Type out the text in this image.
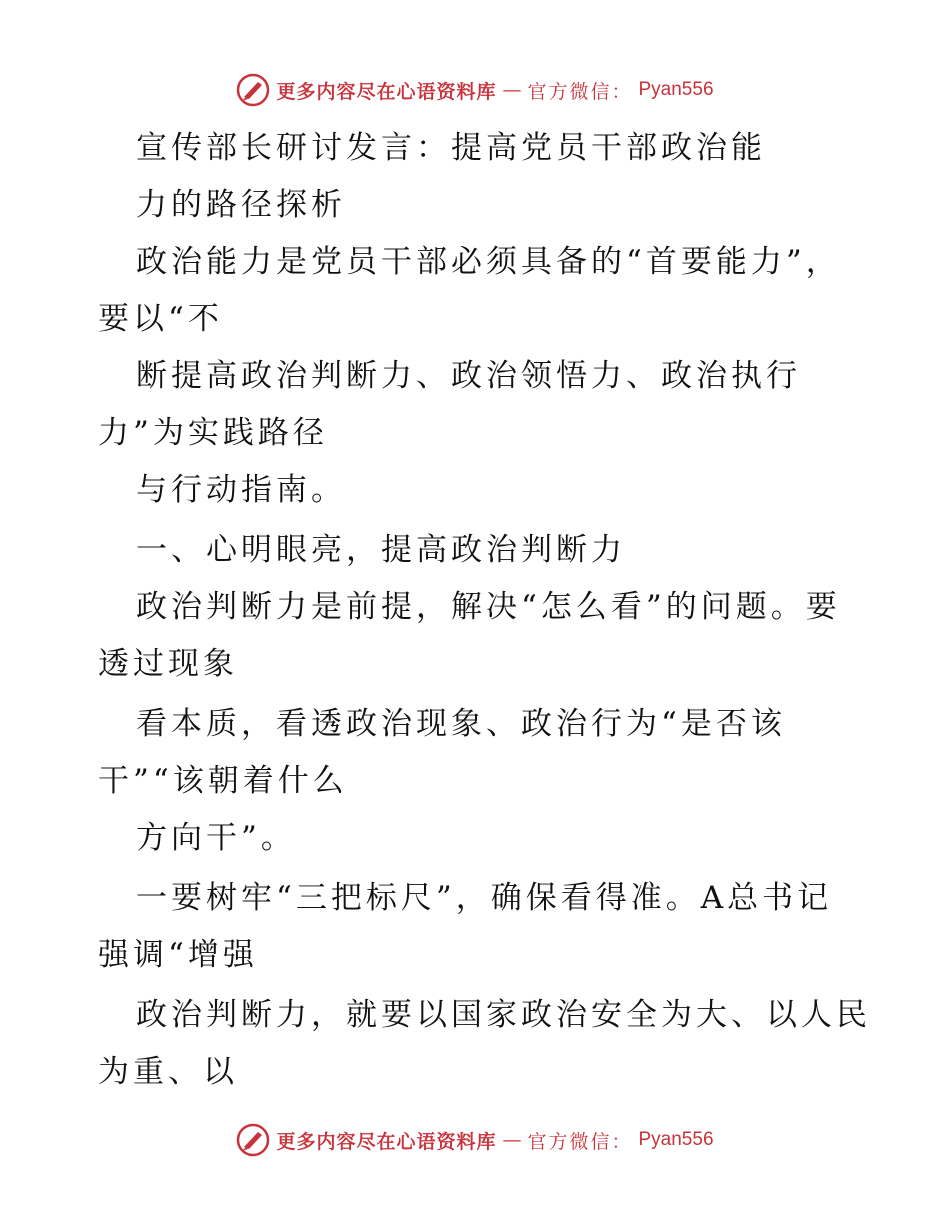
更多内容尽在心语资料库 — 官方微信： Pyan556
宣传部长研讨发言：提高党员干部政治能
力的路径探析
政治能力是党员干部必须具备的“首要能力”，
要以“不
断提高政治判断力、政治领悟力、政治执行
力”为实践路径
与行动指南。
一、心明眼亮，提高政治判断力
政治判断力是前提，解决“怎么看”的问题。要
透过现象
看本质，看透政治现象、政治行为“是否该
干”“该朝着什么
方向干”。
一要树牢“三把标尺”，确保看得准。A总书记
强调“增强
政治判断力，就要以国家政治安全为大、以人民
为重、以
更多内容尽在心语资料库 — 官方微信： Pyan556
